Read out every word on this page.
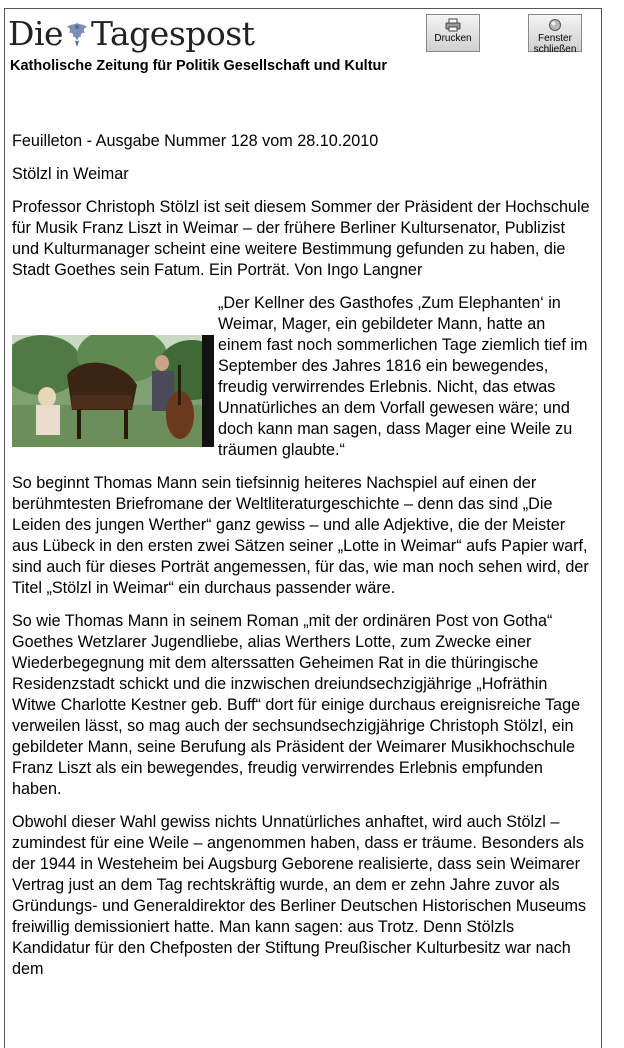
Die Tagespost	Drucken	Fenster
schließen
Katholische Zeitung für Politik Gesellschaft und Kultur

Feuilleton - Ausgabe Nummer 128 vom 28.10.2010

Stölzl in Weimar

Professor Christoph Stölzl ist seit diesem Sommer der Präsident der Hochschule für Musik Franz Liszt in Weimar – der frühere Berliner Kultursenator, Publizist und Kulturmanager scheint eine weitere Bestimmung gefunden zu haben, die Stadt Goethes sein Fatum. Ein Porträt. Von Ingo Langner

„Der Kellner des Gasthofes ‚Zum Elephanten‘ in Weimar, Mager, ein gebildeter Mann, hatte an einem fast noch sommerlichen Tage ziemlich tief im September des Jahres 1816 ein bewegendes, freudig verwirrendes Erlebnis. Nicht, das etwas Unnatürliches an dem Vorfall gewesen wäre; und doch kann man sagen, dass Mager eine Weile zu träumen glaubte.“

So beginnt Thomas Mann sein tiefsinnig heiteres Nachspiel auf einen der berühmtesten Briefromane der Weltliteraturgeschichte – denn das sind „Die Leiden des jungen Werther“ ganz gewiss – und alle Adjektive, die der Meister aus Lübeck in den ersten zwei Sätzen seiner „Lotte in Weimar“ aufs Papier warf, sind auch für dieses Porträt angemessen, für das, wie man noch sehen wird, der Titel „Stölzl in Weimar“ ein durchaus passender wäre.

So wie Thomas Mann in seinem Roman „mit der ordinären Post von Gotha“ Goethes Wetzlarer Jugendliebe, alias Werthers Lotte, zum Zwecke einer Wiederbegegnung mit dem alterssatten Geheimen Rat in die thüringische Residenzstadt schickt und die inzwischen dreiundsechzigjährige „Hofräthin Witwe Charlotte Kestner geb. Buff“ dort für einige durchaus ereignisreiche Tage verweilen lässt, so mag auch der sechsundsechzigjährige Christoph Stölzl, ein gebildeter Mann, seine Berufung als Präsident der Weimarer Musikhochschule Franz Liszt als ein bewegendes, freudig verwirrendes Erlebnis empfunden haben.

Obwohl dieser Wahl gewiss nichts Unnatürliches anhaftet, wird auch Stölzl – zumindest für eine Weile – angenommen haben, dass er träume. Besonders als der 1944 in Westeheim bei Augsburg Geborene realisierte, dass sein Weimarer Vertrag just an dem Tag rechtskräftig wurde, an dem er zehn Jahre zuvor als Gründungs- und Generaldirektor des Berliner Deutschen Historischen Museums freiwillig demissioniert hatte. Man kann sagen: aus Trotz. Denn Stölzls Kandidatur für den Chefposten der Stiftung Preußischer Kulturbesitz war nach dem
